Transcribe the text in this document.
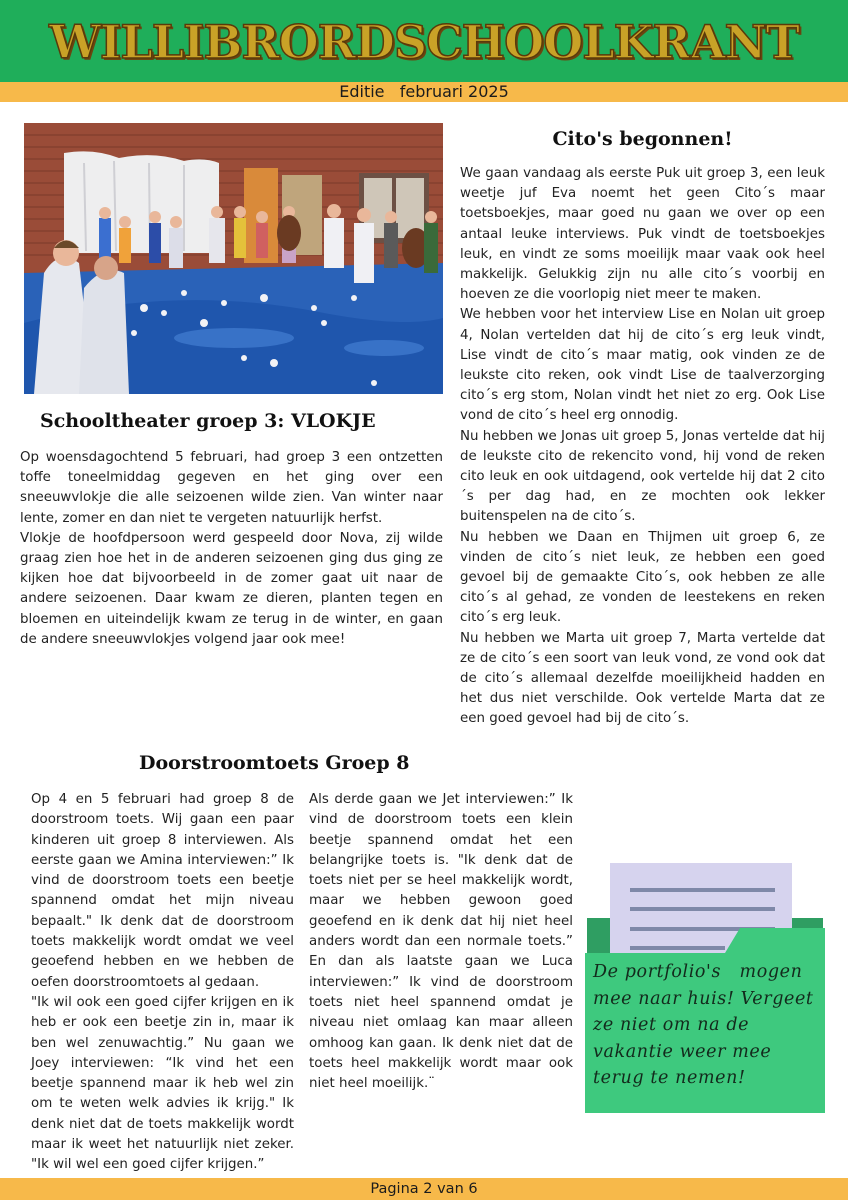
WILLIBRORDSCHOOLKRANT
Editie   februari 2025
Cito's begonnen!
Schooltheater groep 3: VLOKJE
Doorstroomtoets Groep 8

Op woensdagochtend 5 februari, had groep 3 een ontzetten toffe toneelmiddag gegeven en het ging over een sneeuwvlokje die alle seizoenen wilde zien. Van winter naar lente, zomer en dan niet te vergeten natuurlijk herfst.

Vlokje de hoofdpersoon werd gespeeld door Nova, zij wilde graag zien hoe het in de anderen seizoenen ging dus ging ze kijken hoe dat bijvoorbeeld in de zomer gaat uit naar de andere seizoenen. Daar kwam ze dieren, planten tegen en bloemen en uiteindelijk kwam ze terug in de winter, en gaan de andere sneeuwvlokjes volgend jaar ook mee!

We gaan vandaag als eerste Puk uit groep 3, een leuk weetje juf Eva noemt het geen Cito´s maar toetsboekjes, maar goed nu gaan we over op een antaal leuke interviews. Puk vindt de toetsboekjes leuk, en vindt ze soms moeilijk maar vaak ook heel makkelijk. Gelukkig zijn nu alle cito´s voorbij en hoeven ze die voorlopig niet meer te maken.

We hebben voor het interview Lise en Nolan uit groep 4, Nolan vertelden dat hij de cito´s erg leuk vindt, Lise vindt de cito´s maar matig, ook vinden ze de leukste cito reken, ook vindt Lise de taalverzorging cito´s erg stom, Nolan vindt het niet zo erg. Ook Lise vond de cito´s heel erg onnodig.

Nu hebben we Jonas uit groep 5, Jonas vertelde dat hij de leukste cito de rekencito vond, hij vond de reken cito leuk en ook uitdagend, ook vertelde hij dat 2 cito´s per dag had, en ze mochten ook lekker buitenspelen na de cito´s.

Nu hebben we Daan en Thijmen uit groep 6, ze vinden de cito´s niet leuk, ze hebben een goed gevoel bij de gemaakte Cito´s, ook hebben ze alle cito´s al gehad, ze vonden de leestekens en reken cito´s erg leuk.

Nu hebben we Marta uit groep 7, Marta vertelde dat ze de cito´s een soort van leuk vond, ze vond ook dat de cito´s allemaal dezelfde moeilijkheid hadden en het dus niet verschilde. Ook vertelde Marta dat ze een goed gevoel had bij de cito´s.

Op 4 en 5 februari had groep 8 de doorstroom toets. Wij gaan een paar kinderen uit groep 8 interviewen. Als eerste gaan we Amina interviewen:” Ik vind de doorstroom toets een beetje spannend omdat het mijn niveau bepaalt." Ik denk dat de doorstroom toets makkelijk wordt omdat we veel geoefend hebben en we hebben de oefen doorstroomtoets al gedaan.

"Ik wil ook een goed cijfer krijgen en ik heb er ook een beetje zin in, maar ik ben wel zenuwachtig.” Nu gaan we Joey interviewen: “Ik vind het een beetje spannend maar ik heb wel zin om te weten welk advies ik krijg." Ik denk niet dat de toets makkelijk wordt maar ik weet het natuurlijk niet zeker. "Ik wil wel een goed cijfer krijgen.”

Als derde gaan we Jet interviewen:” Ik vind de doorstroom toets een klein beetje spannend omdat het een belangrijke toets is. "Ik denk dat de toets niet per se heel makkelijk wordt, maar we hebben gewoon goed geoefend en ik denk dat hij niet heel anders wordt dan een normale toets.” En dan als laatste gaan we Luca interviewen:” Ik vind de doorstroom toets niet heel spannend omdat je niveau niet omlaag kan maar alleen omhoog kan gaan. Ik denk niet dat de toets heel makkelijk wordt maar ook niet heel moeilijk.¨

De portfolio's   mogen mee naar huis! Vergeet ze niet om na de vakantie weer mee terug te nemen!
Pagina 2 van 6
